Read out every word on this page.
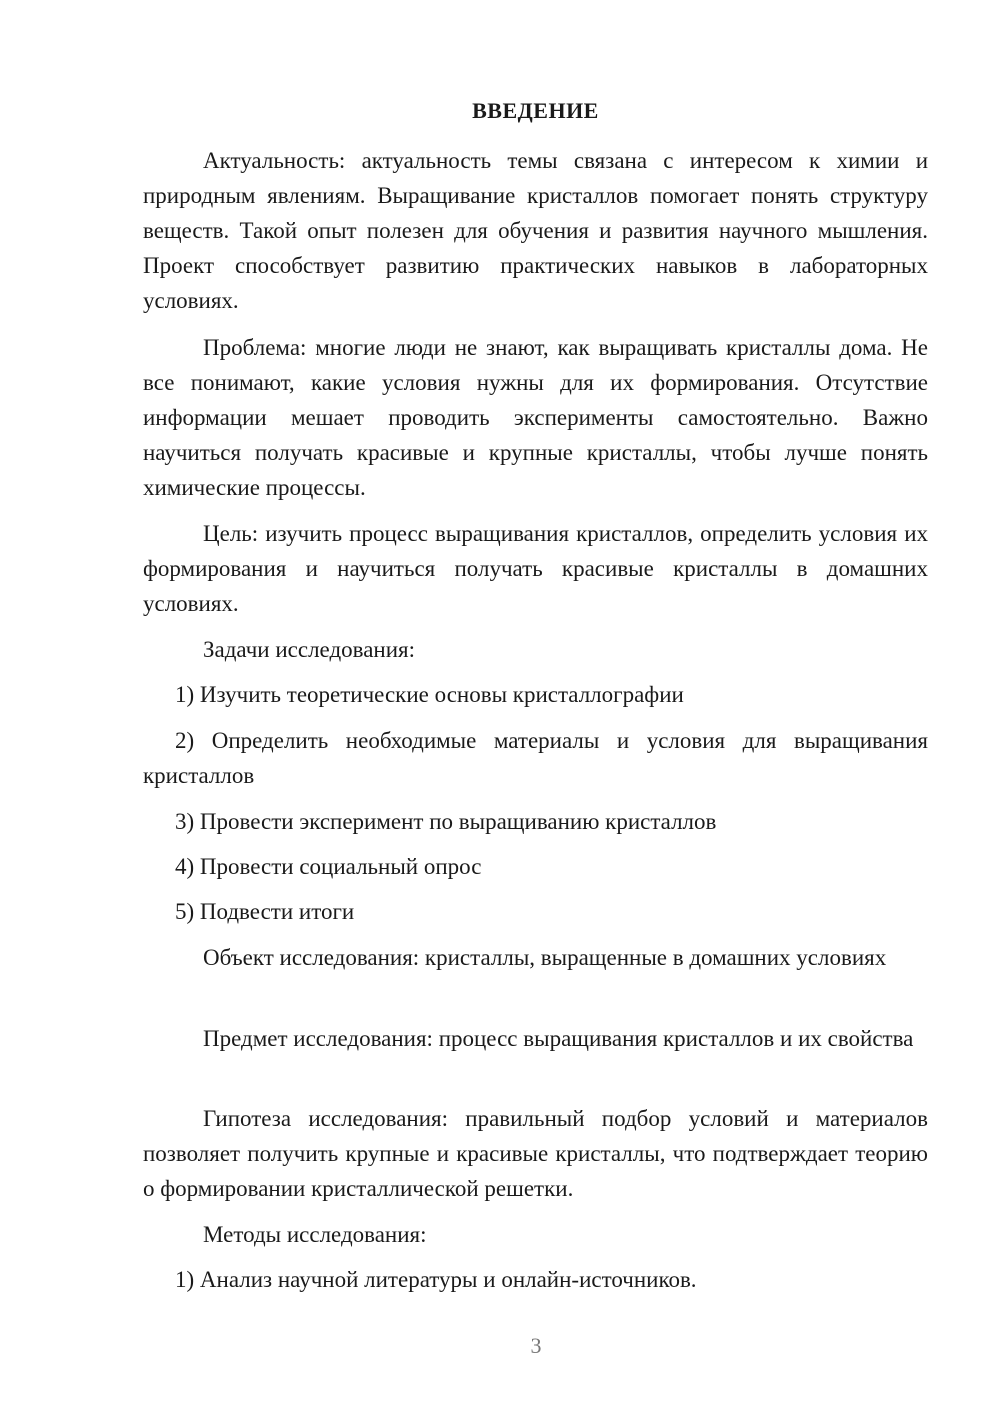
ВВЕДЕНИЕ
Актуальность: актуальность темы связана с интересом к химии и природным явлениям. Выращивание кристаллов помогает понять структуру веществ. Такой опыт полезен для обучения и развития научного мышления. Проект способствует развитию практических навыков в лабораторных условиях.
Проблема: многие люди не знают, как выращивать кристаллы дома. Не все понимают, какие условия нужны для их формирования. Отсутствие информации мешает проводить эксперименты самостоятельно. Важно научиться получать красивые и крупные кристаллы, чтобы лучше понять химические процессы.
Цель: изучить процесс выращивания кристаллов, определить условия их формирования и научиться получать красивые кристаллы в домашних условиях.
Задачи исследования:
1) Изучить теоретические основы кристаллографии
2) Определить необходимые материалы и условия для выращивания кристаллов
3) Провести эксперимент по выращиванию кристаллов
4) Провести социальный опрос
5) Подвести итоги
Объект исследования: кристаллы, выращенные в домашних условиях
Предмет исследования: процесс выращивания кристаллов и их свойства
Гипотеза исследования: правильный подбор условий и материалов позволяет получить крупные и красивые кристаллы, что подтверждает теорию о формировании кристаллической решетки.
Методы исследования:
1) Анализ научной литературы и онлайн-источников.
3
